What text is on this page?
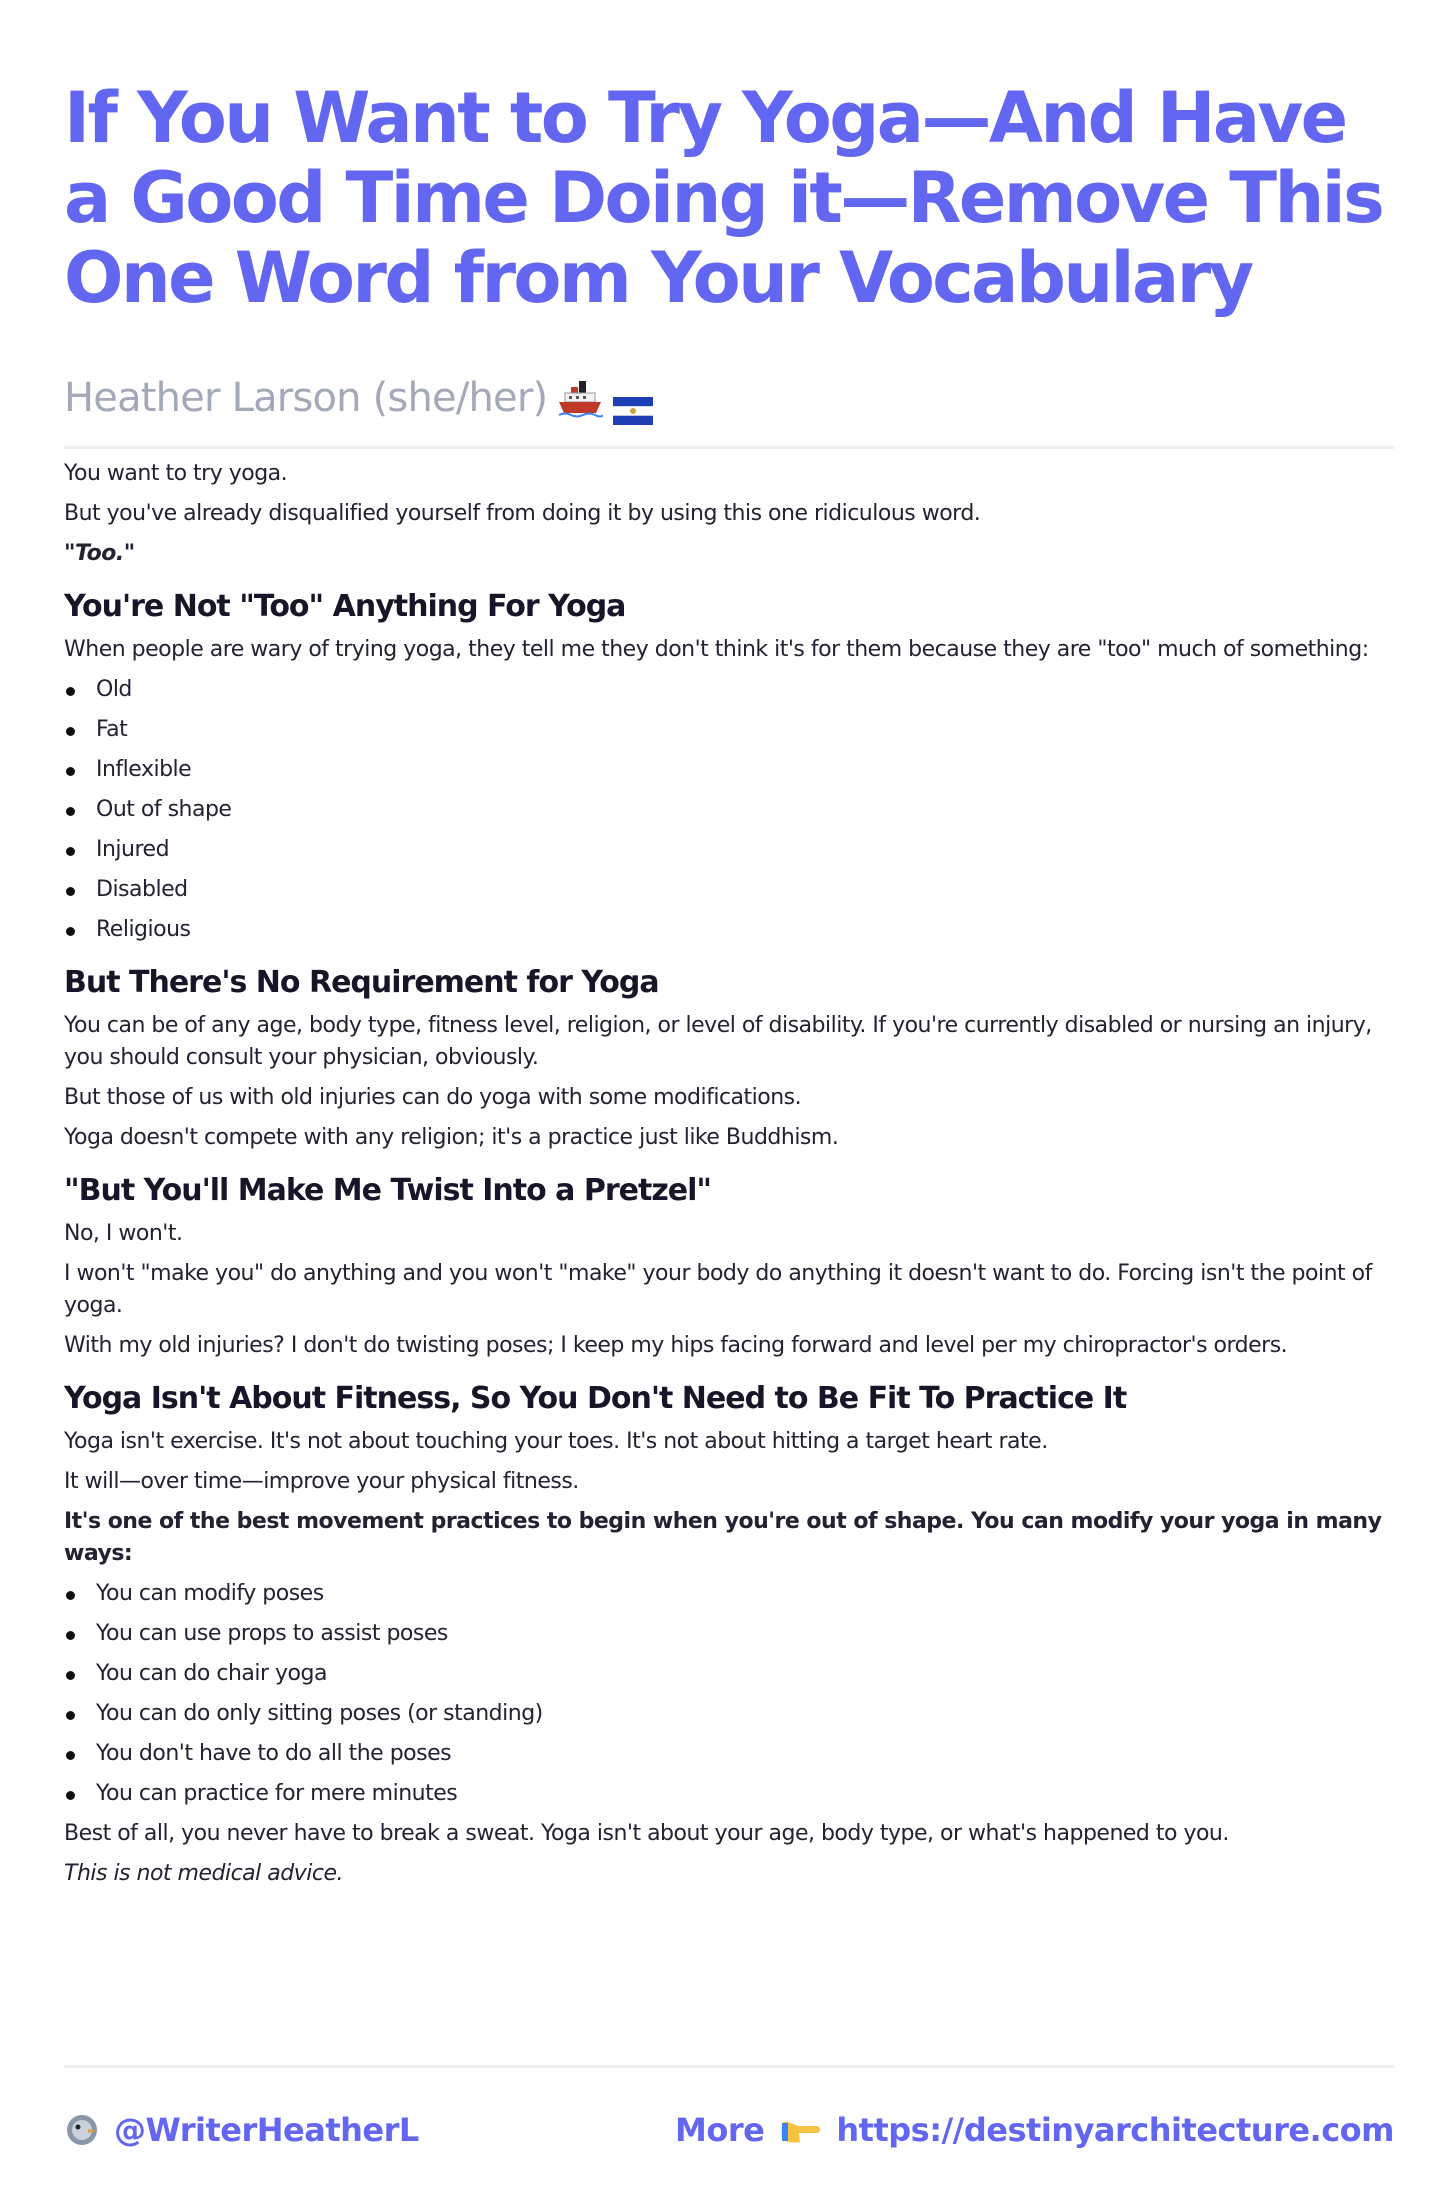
If You Want to Try Yoga—And Have a Good Time Doing it—Remove This One Word from Your Vocabulary
Heather Larson (she/her)

You want to try yoga.

But you've already disqualified yourself from doing it by using this one ridiculous word.

"Too."

You're Not "Too" Anything For Yoga

When people are wary of trying yoga, they tell me they don't think it's for them because they are "too" much of something:

Old
Fat
Inflexible
Out of shape
Injured
Disabled
Religious
But There's No Requirement for Yoga

You can be of any age, body type, fitness level, religion, or level of disability. If you're currently disabled or nursing an injury, you should consult your physician, obviously.

But those of us with old injuries can do yoga with some modifications.

Yoga doesn't compete with any religion; it's a practice just like Buddhism.

"But You'll Make Me Twist Into a Pretzel"

No, I won't.

I won't "make you" do anything and you won't "make" your body do anything it doesn't want to do. Forcing isn't the point of yoga.

With my old injuries? I don't do twisting poses; I keep my hips facing forward and level per my chiropractor's orders.

Yoga Isn't About Fitness, So You Don't Need to Be Fit To Practice It

Yoga isn't exercise. It's not about touching your toes. It's not about hitting a target heart rate.

It will—over time—improve your physical fitness.

It's one of the best movement practices to begin when you're out of shape. You can modify your yoga in many ways:

You can modify poses
You can use props to assist poses
You can do chair yoga
You can do only sitting poses (or standing)
You don't have to do all the poses
You can practice for mere minutes

Best of all, you never have to break a sweat. Yoga isn't about your age, body type, or what's happened to you.

This is not medical advice.

@WriterHeatherL	More https://destinyarchitecture.com
